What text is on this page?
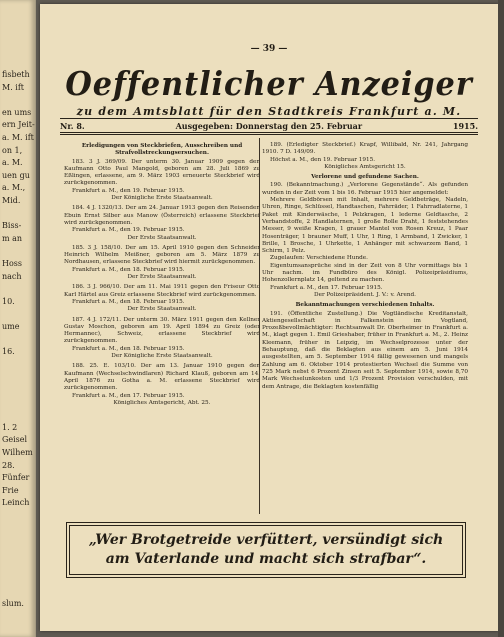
fisbeth
M. ift
en ums
ern Jeit-
a. M. ift
on 1,
a. M.
uen gu
a. M.,
Mid.
Biss-
m an
Hoss
nach
10.
ume
16.
1. 2
Geisel
Wilhem
28.
Fünfer
Frie
Leinch
slum.
— 39 —
Oeffentlicher Anzeiger
zu dem Amtsblatt für den Stadtkreis Frankfurt a. M.
Nr. 8.	Ausgegeben: Donnerstag den 25. Februar	1915.
Erledigungen von Steckbriefen, Ausschreiben und Strafvollstreckungsersuchen.
183. 3 J. 369/09. Der unterm 30. Januar 1909 gegen den Kaufmann Otto Paul Mangold, geboren am 28. Juli 1869 zu Eßlingen, erlassene, am 9. März 1903 erneuerte Steckbrief wird zurückgenommen.
Frankfurt a. M., den 19. Februar 1915.
Der Königliche Erste Staatsanwalt.
184. 4 J. 1320/13. Der am 24. Januar 1913 gegen den Reisenden Ebuin Ernst Silber aus Manow (Österreich) erlassene Steckbrief wird zurückgenommen.
Frankfurt a. M., den 19. Februar 1915.
Der Erste Staatsanwalt.
185. 3 J. 158/10. Der am 15. April 1910 gegen den Schneider Heinrich Wilhelm Meißner, geboren am 5. März 1879 zu Nordhausen, erlassene Steckbrief wird hiermit zurückgenommen.
Frankfurt a. M., den 18. Februar 1915.
Der Erste Staatsanwalt.
186. 3 J. 966/10. Der am 11. Mai 1911 gegen den Friseur Otto Karl Härtel aus Greiz erlassene Steckbrief wird zurückgenommen.
Frankfurt a. M., den 18. Februar 1915.
Der Erste Staatsanwalt.
187. 4 J. 172/11. Der unterm 30. März 1911 gegen den Kellner Gustav Moschon, geboren am 19. April 1894 zu Greiz (oder Hermannec), Schweiz, erlassene Steckbrief wird zurückgenommen.
Frankfurt a. M., den 18. Februar 1915.
Der Königliche Erste Staatsanwalt.
188. 25. E. 103/10. Der am 13. Januar 1910 gegen den Kaufmann (Wechselschwindlaren) Richard Klauß, geboren am 14. April 1876 zu Gotha a. M. erlassene Steckbrief wird zurückgenommen.
Frankfurt a. M., den 17. Februar 1915.
Königliches Amtsgericht, Abt. 25.
189. (Erledigter Steckbrief.) Krapf, Willibald, Nr. 241, Jahrgang 1910. 7 D. 149/09.
Höchst a. M., den 19. Februar 1915.
Königliches Amtsgericht 15.
Verlorene und gefundene Sachen.
190. (Bekanntmachung.) „Verlorene Gegenstände“. Als gefunden wurden in der Zeit vom 1 bis 16. Februar 1915 hier angemeldet:
Mehrere Geldbörsen mit Inhalt, mehrere Geldbeträge, Nadeln, Uhren, Ringe, Schlüssel, Handtaschen, Fahrräder, 1 Fahrradlaterne, 1 Paket mit Kinderwäsche, 1 Pelzkragen, 1 lederne Geldtasche, 2 Verbandstoffe, 2 Handlaternen, 1 große Rolle Draht, 1 feststehendes Messer, 9 weiße Kragen, 1 grauer Mantel von Rosen Kreuz, 1 Paar Hosenträger, 1 brauner Muff, 1 Uhr, 1 Ring, 1 Armband, 1 Zwicker, 1 Brille, 1 Brosche, 1 Uhrkette, 1 Anhänger mit schwarzem Band, 1 Schirm, 1 Pelz.
Zugelaufen: Verschiedene Hunde.
Eigentumsansprüche sind in der Zeit von 8 Uhr vormittags bis 1 Uhr nachm. im Fundbüro des Königl. Polizeipräsidiums, Hohenzollernplatz 14, geltend zu machen.
Frankfurt a. M., den 17. Februar 1915.
Der Polizeipräsident. J. V.: v. Arend.
Bekanntmachungen verschiedenen Inhalts.
191. (Öffentliche Zustellung.) Die Vogtländische Kreditanstalt, Aktiengesellschaft in Falkenstein im Vogtland, Prozeßbevollmächtigter: Rechtsanwalt Dr. Oberheimer in Frankfurt a. M., klagt gegen 1. Emil Grieshaber, früher in Frankfurt a. M., 2. Heinz Kleemann, früher in Leipzig, im Wechselprozesse unter der Behauptung, daß die Beklagten aus einem am 5. Juni 1914 ausgestellten, am 5. September 1914 fällig gewesenen und mangels Zahlung am 6. Oktober 1914 protestierten Wechsel die Summe von 725 Mark nebst 6 Prozent Zinsen seit 5. September 1914, sowie 8,70 Mark Wechselunkosten und 1/3 Prozent Provision verschulden, mit dem Antrage, die Beklagten kostenfällig
„Wer Brotgetreide verfüttert, versündigt sich
am Vaterlande und macht sich strafbar“.
